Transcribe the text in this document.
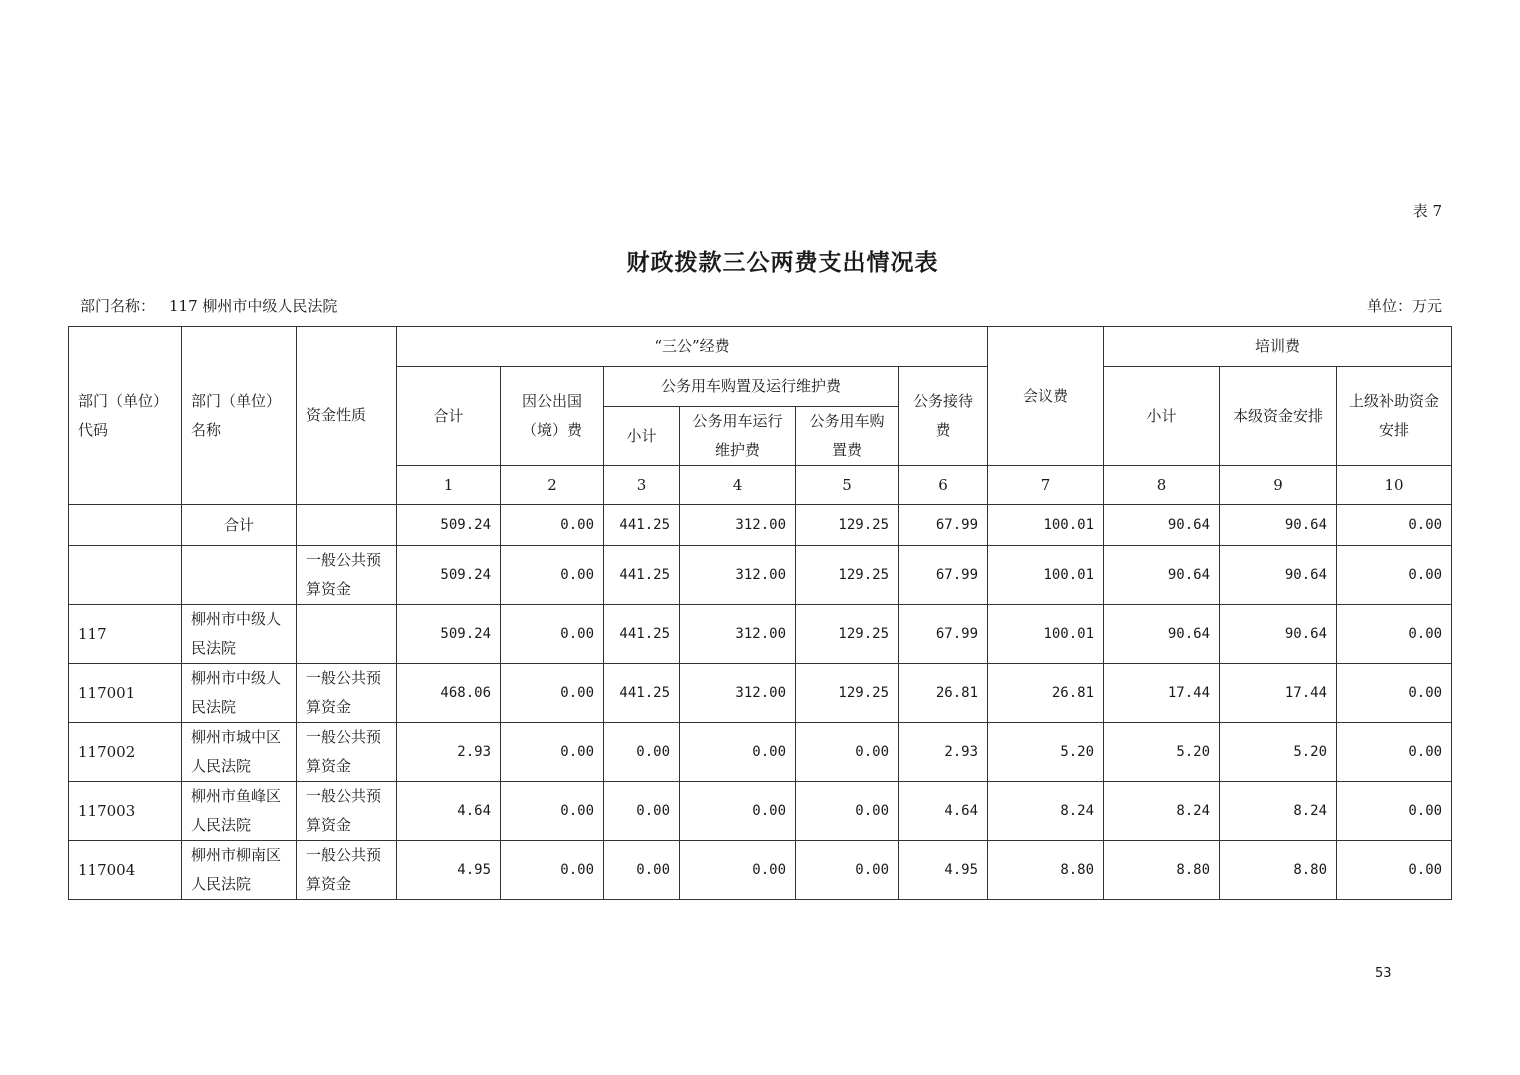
表 7
财政拨款三公两费支出情况表
部门名称： 117 柳州市中级人民法院	单位：万元
部门（单位）代码	部门（单位）名称	资金性质	“三公”经费						会议费	培训费		
			合计	因公出国（境）费	公务用车购置及运行维护费			公务接待费		小计	本级资金安排	上级补助资金安排
					小计	公务用车运行维护费	公务用车购置费					
			1	2	3	4	5	6	7	8	9	10
	合计		509.24	0.00	441.25	312.00	129.25	67.99	100.01	90.64	90.64	0.00
		一般公共预算资金	509.24	0.00	441.25	312.00	129.25	67.99	100.01	90.64	90.64	0.00
117	柳州市中级人民法院		509.24	0.00	441.25	312.00	129.25	67.99	100.01	90.64	90.64	0.00
117001	柳州市中级人民法院	一般公共预算资金	468.06	0.00	441.25	312.00	129.25	26.81	26.81	17.44	17.44	0.00
117002	柳州市城中区人民法院	一般公共预算资金	2.93	0.00	0.00	0.00	0.00	2.93	5.20	5.20	5.20	0.00
117003	柳州市鱼峰区人民法院	一般公共预算资金	4.64	0.00	0.00	0.00	0.00	4.64	8.24	8.24	8.24	0.00
117004	柳州市柳南区人民法院	一般公共预算资金	4.95	0.00	0.00	0.00	0.00	4.95	8.80	8.80	8.80	0.00
53
